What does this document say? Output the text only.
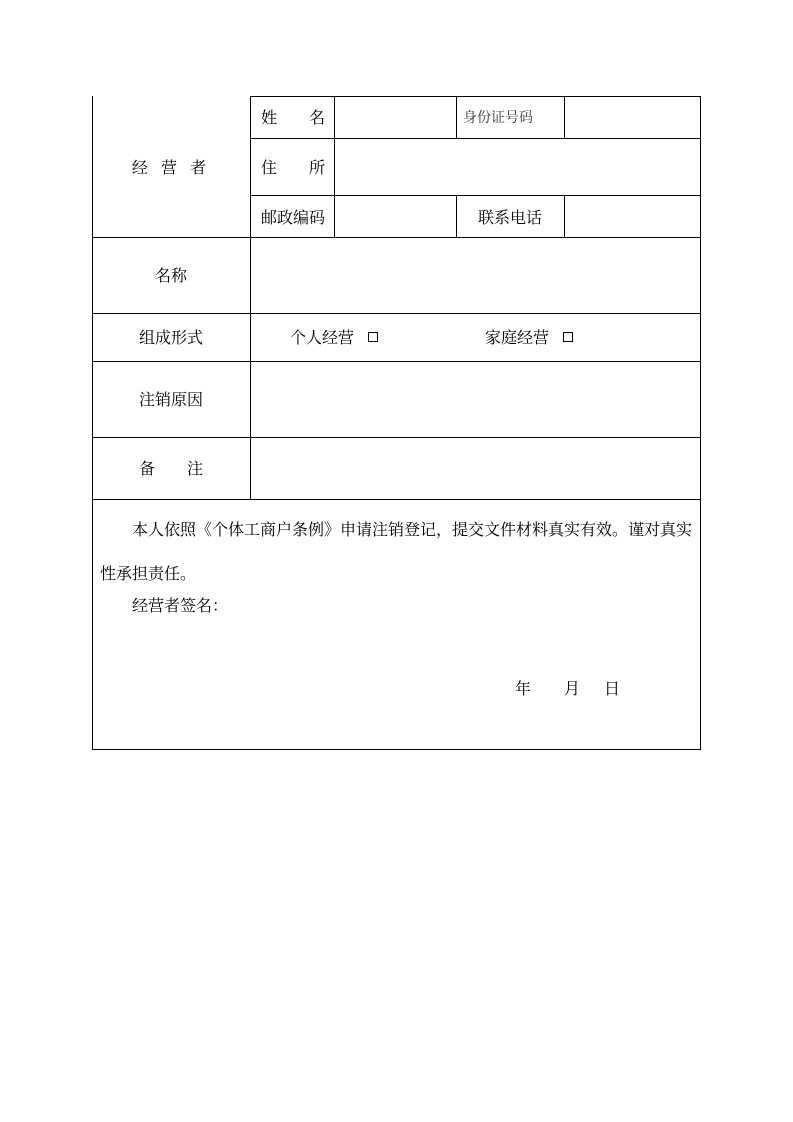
经 营 者
姓　　名	身份证号码
住　　所
邮政编码	联系电话
名称
组成形式	个人经营	家庭经营
注销原因
备　　注
本人依照《个体工商户条例》申请注销登记，提交文件材料真实有效。谨对真实性承担责任。
经营者签名：
年 月 日
